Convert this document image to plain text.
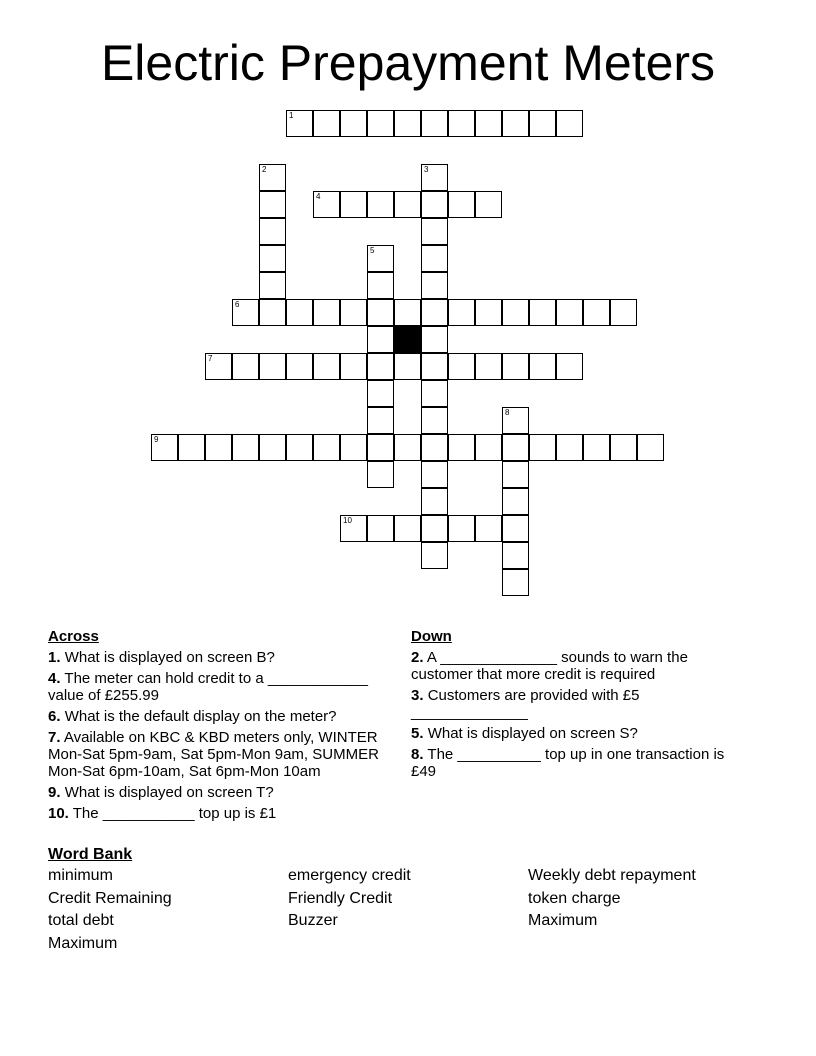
Electric Prepayment Meters
1
2	3
4
5
6
7
8
9
10
Across
1. What is displayed on screen B?
4. The meter can hold credit to a ____________ value of £255.99
6. What is the default display on the meter?
7. Available on KBC & KBD meters only, WINTER Mon-Sat 5pm-9am, Sat 5pm-Mon 9am, SUMMER Mon-Sat 6pm-10am, Sat 6pm-Mon 10am
9. What is displayed on screen T?
10. The ___________ top up is £1
Down
2. A ______________ sounds to warn the customer that more credit is required
3. Customers are provided with £5 ______________
5. What is displayed on screen S?
8. The __________ top up in one transaction is £49
Word Bank
minimum	emergency credit	Weekly debt repayment
Credit Remaining	Friendly Credit	token charge
total debt	Buzzer	Maximum
Maximum
